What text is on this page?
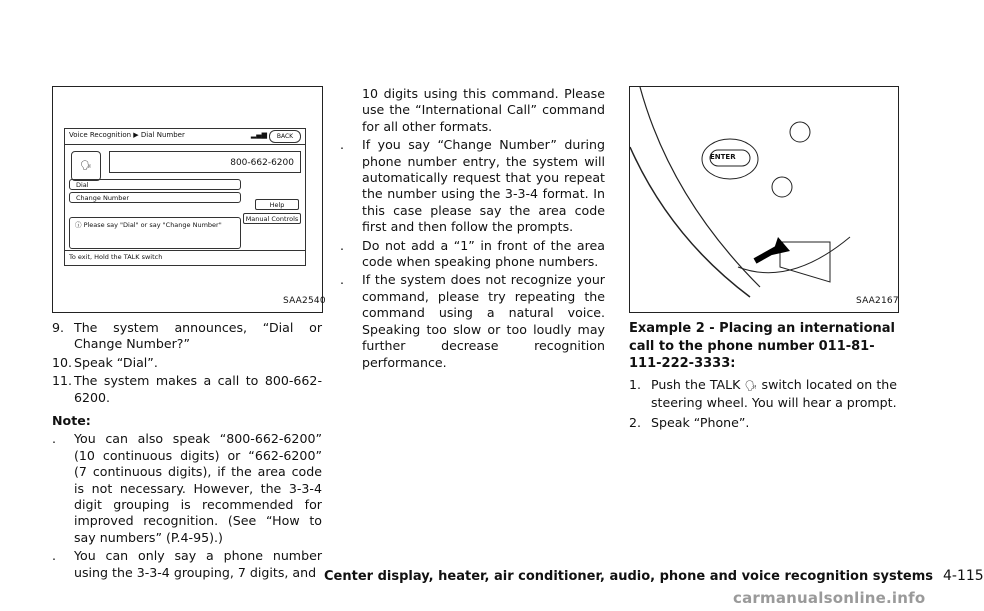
Voice Recognition ▶ Dial Number	▂▄▆	BACK
🗣	800-662-6200
Dial
Change Number
Help
Manual Controls
ⓘ Please say "Dial" or say "Change Number"
To exit, Hold the TALK switch
SAA2540
9. The system announces, “Dial or Change Number?”
10. Speak “Dial”.
11. The system makes a call to 800-662-6200.
Note:
.	You can also speak “800-662-6200” (10 continuous digits) or “662-6200” (7 continuous digits), if the area code is not necessary. However, the 3-3-4 digit grouping is recommended for improved recognition. (See “How to say numbers” (P.4-95).)
.	You can only say a phone number using the 3-3-4 grouping, 7 digits, and
10 digits using this command. Please use the “International Call” command for all other formats.
.	If you say “Change Number” during phone number entry, the system will automatically request that you repeat the number using the 3-3-4 format. In this case please say the area code first and then follow the prompts.
.	Do not add a “1” in front of the area code when speaking phone numbers.
.	If the system does not recognize your command, please try repeating the command using a natural voice. Speaking too slow or too loudly may further decrease recognition performance.
ENTER
SAA2167
Example 2 - Placing an international call to the phone number 011-81-111-222-3333:
1. Push the TALK 🗣 switch located on the steering wheel. You will hear a prompt.
2. Speak “Phone”.
Center display, heater, air conditioner, audio, phone and voice recognition systems 4-115
carmanualsonline.info
